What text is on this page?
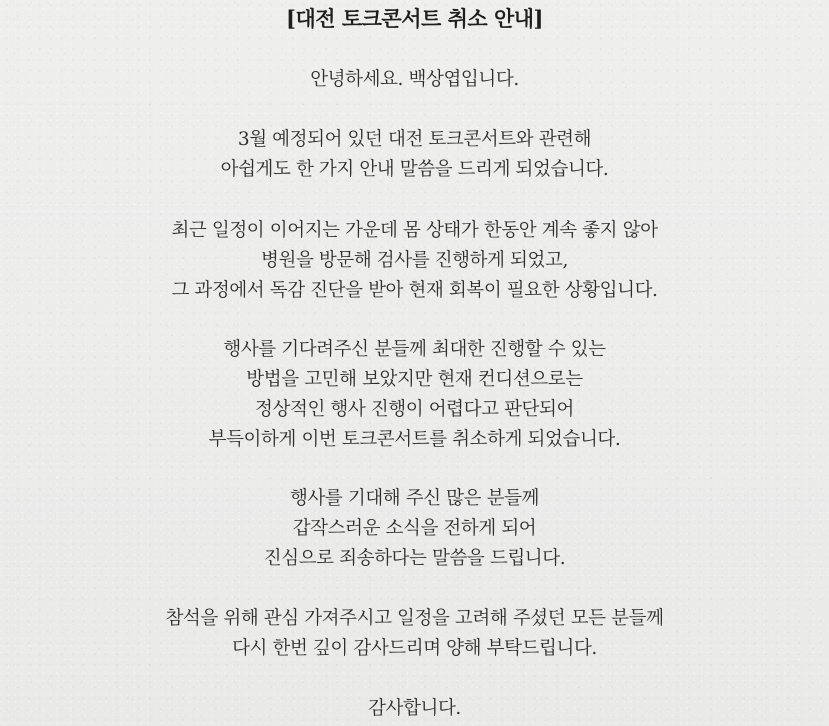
[대전 토크콘서트 취소 안내]
안녕하세요. 백상엽입니다.
3월 예정되어 있던 대전 토크콘서트와 관련해
아쉽게도 한 가지 안내 말씀을 드리게 되었습니다.
최근 일정이 이어지는 가운데 몸 상태가 한동안 계속 좋지 않아
병원을 방문해 검사를 진행하게 되었고,
그 과정에서 독감 진단을 받아 현재 회복이 필요한 상황입니다.
행사를 기다려주신 분들께 최대한 진행할 수 있는
방법을 고민해 보았지만 현재 컨디션으로는
정상적인 행사 진행이 어렵다고 판단되어
부득이하게 이번 토크콘서트를 취소하게 되었습니다.
행사를 기대해 주신 많은 분들께
갑작스러운 소식을 전하게 되어
진심으로 죄송하다는 말씀을 드립니다.
참석을 위해 관심 가져주시고 일정을 고려해 주셨던 모든 분들께
다시 한번 깊이 감사드리며 양해 부탁드립니다.
감사합니다.
